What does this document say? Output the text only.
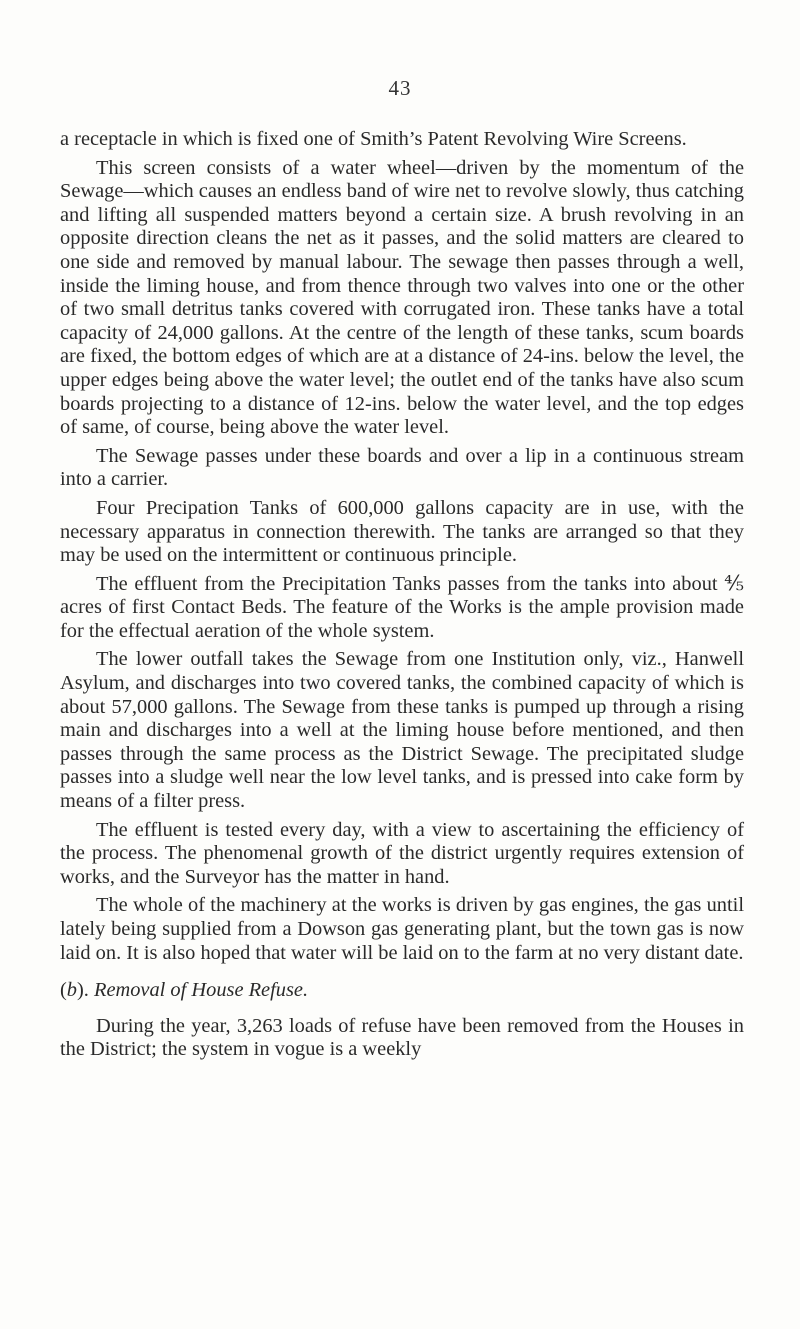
43

a receptacle in which is fixed one of Smith’s Patent Revolving Wire Screens.

This screen consists of a water wheel—driven by the momentum of the Sewage—which causes an endless band of wire net to revolve slowly, thus catching and lifting all suspended matters beyond a certain size. A brush revolving in an opposite direction cleans the net as it passes, and the solid matters are cleared to one side and removed by manual labour. The sewage then passes through a well, inside the liming house, and from thence through two valves into one or the other of two small detritus tanks covered with corrugated iron. These tanks have a total capacity of 24,000 gallons. At the centre of the length of these tanks, scum boards are fixed, the bottom edges of which are at a distance of 24-ins. below the level, the upper edges being above the water level; the outlet end of the tanks have also scum boards projecting to a distance of 12-ins. below the water level, and the top edges of same, of course, being above the water level.

The Sewage passes under these boards and over a lip in a continuous stream into a carrier.

Four Precipation Tanks of 600,000 gallons capacity are in use, with the necessary apparatus in connection therewith. The tanks are arranged so that they may be used on the intermittent or continuous principle.

The effluent from the Precipitation Tanks passes from the tanks into about ⅘ acres of first Contact Beds. The feature of the Works is the ample provision made for the effectual aeration of the whole system.

The lower outfall takes the Sewage from one Institution only, viz., Hanwell Asylum, and discharges into two covered tanks, the combined capacity of which is about 57,000 gallons. The Sewage from these tanks is pumped up through a rising main and discharges into a well at the liming house before mentioned, and then passes through the same process as the District Sewage. The precipitated sludge passes into a sludge well near the low level tanks, and is pressed into cake form by means of a filter press.

The effluent is tested every day, with a view to ascertaining the efficiency of the process. The phenomenal growth of the district urgently requires extension of works, and the Surveyor has the matter in hand.

The whole of the machinery at the works is driven by gas engines, the gas until lately being supplied from a Dowson gas generating plant, but the town gas is now laid on. It is also hoped that water will be laid on to the farm at no very distant date.

(b). Removal of House Refuse.

During the year, 3,263 loads of refuse have been removed from the Houses in the District; the system in vogue is a weekly
